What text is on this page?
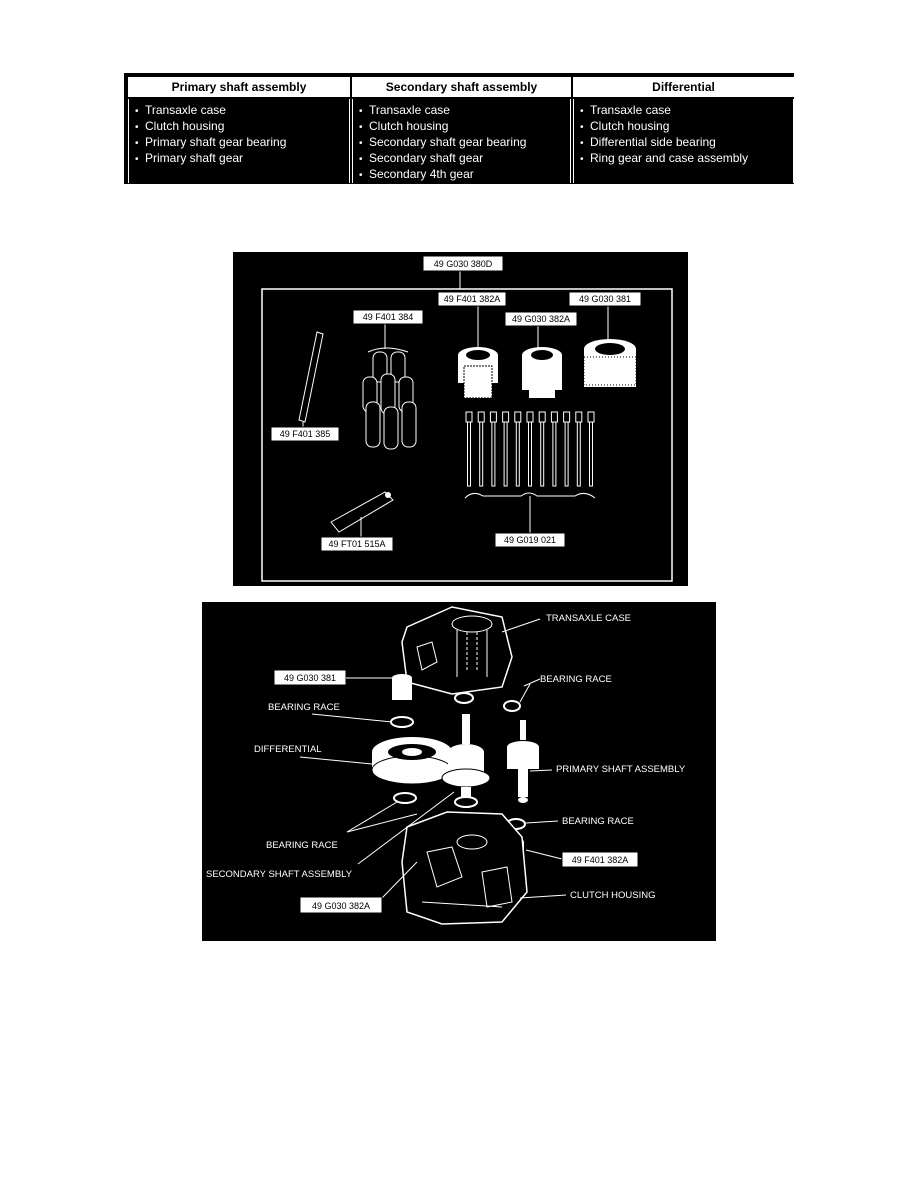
Primary shaft assembly
• Transaxle case
• Clutch housing
• Primary shaft gear bearing
• Primary shaft gear
Secondary shaft assembly
• Transaxle case
• Clutch housing
• Secondary shaft gear bearing
• Secondary shaft gear
• Secondary 4th gear
Differential
• Transaxle case
• Clutch housing
• Differential side bearing
• Ring gear and case assembly
49 G030 380D
49 F401 382A
49 G030 382A
49 G030 381
49 F401 384
49 F401 385
49 G019 021
49 FT01 515A
TRANSAXLE CASE
BEARING RACE
49 G030 381
BEARING RACE
DIFFERENTIAL
PRIMARY SHAFT ASSEMBLY
BEARING RACE
49 F401 382A
BEARING RACE
SECONDARY SHAFT ASSEMBLY
CLUTCH HOUSING
49 G030 382A
